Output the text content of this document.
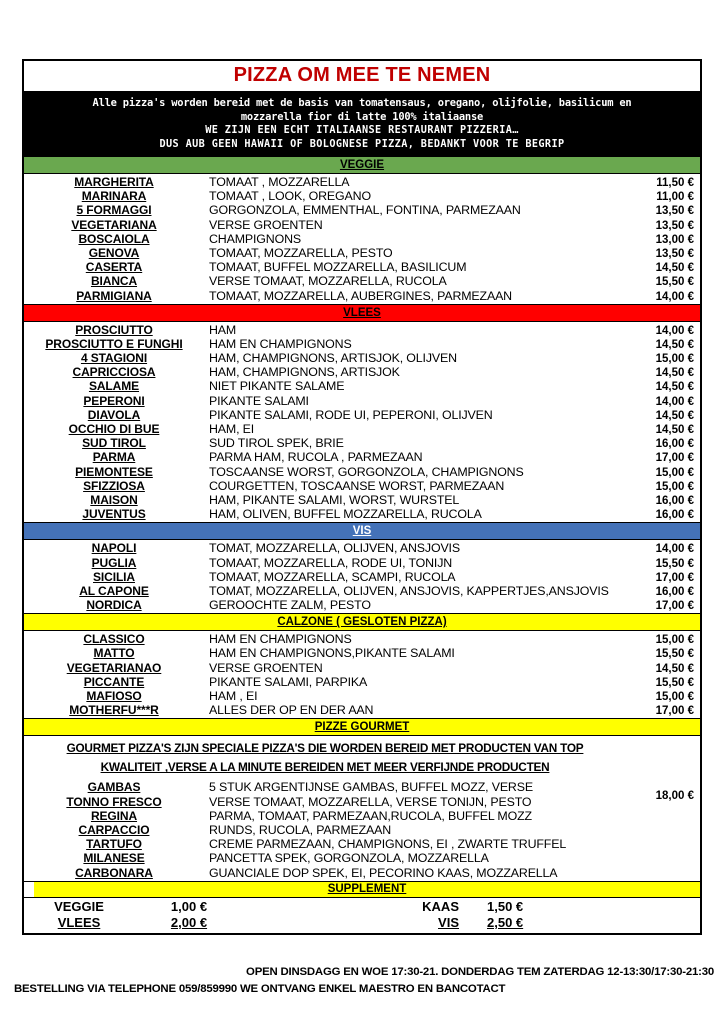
PIZZA OM MEE TE NEMEN
Alle pizza's worden bereid met de basis van tomatensaus, oregano, olijfolie, basilicum en
mozzarella fior di latte 100% italiaanse
WE ZIJN EEN ECHT ITALIAANSE RESTAURANT PIZZERIA…
DUS AUB GEEN HAWAII OF BOLOGNESE PIZZA, BEDANKT VOOR TE BEGRIP
VEGGIE
MARGHERITA	TOMAAT , MOZZARELLA	11,50 €
MARINARA	TOMAAT , LOOK, OREGANO	11,00 €
5 FORMAGGI	GORGONZOLA, EMMENTHAL, FONTINA, PARMEZAAN	13,50 €
VEGETARIANA	VERSE GROENTEN	13,50 €
BOSCAIOLA	CHAMPIGNONS	13,00 €
GENOVA	TOMAAT, MOZZARELLA, PESTO	13,50 €
CASERTA	TOMAAT, BUFFEL MOZZARELLA, BASILICUM	14,50 €
BIANCA	VERSE TOMAAT, MOZZARELLA, RUCOLA	15,50 €
PARMIGIANA	TOMAAT, MOZZARELLA, AUBERGINES, PARMEZAAN	14,00 €
VLEES
PROSCIUTTO	HAM	14,00 €
PROSCIUTTO E FUNGHI	HAM EN CHAMPIGNONS	14,50 €
4 STAGIONI	HAM, CHAMPIGNONS, ARTISJOK, OLIJVEN	15,00 €
CAPRICCIOSA	HAM, CHAMPIGNONS, ARTISJOK	14,50 €
SALAME	NIET PIKANTE SALAME	14,50 €
PEPERONI	PIKANTE SALAMI	14,00 €
DIAVOLA	PIKANTE SALAMI, RODE UI, PEPERONI, OLIJVEN	14,50 €
OCCHIO DI BUE	HAM, EI	14,50 €
SUD TIROL	SUD TIROL SPEK, BRIE	16,00 €
PARMA	PARMA HAM, RUCOLA , PARMEZAAN	17,00 €
PIEMONTESE	TOSCAANSE WORST, GORGONZOLA, CHAMPIGNONS	15,00 €
SFIZZIOSA	COURGETTEN, TOSCAANSE WORST, PARMEZAAN	15,00 €
MAISON	HAM, PIKANTE SALAMI, WORST, WURSTEL	16,00 €
JUVENTUS	HAM, OLIVEN, BUFFEL MOZZARELLA, RUCOLA	16,00 €
VIS
NAPOLI	TOMAT, MOZZARELLA, OLIJVEN, ANSJOVIS	14,00 €
PUGLIA	TOMAAT, MOZZARELLA, RODE UI, TONIJN	15,50 €
SICILIA	TOMAAT, MOZZARELLA, SCAMPI, RUCOLA	17,00 €
AL CAPONE	TOMAT, MOZZARELLA, OLIJVEN, ANSJOVIS, KAPPERTJES,ANSJOVIS	16,00 €
NORDICA	GEROOCHTE ZALM, PESTO	17,00 €
CALZONE ( GESLOTEN PIZZA)
CLASSICO	HAM EN CHAMPIGNONS	15,00 €
MATTO	HAM EN CHAMPIGNONS,PIKANTE SALAMI	15,50 €
VEGETARIANAO	VERSE GROENTEN	14,50 €
PICCANTE	PIKANTE SALAMI, PARPIKA	15,50 €
MAFIOSO	HAM , EI	15,00 €
MOTHERFU***R	ALLES DER OP EN DER AAN	17,00 €
PIZZE GOURMET
GOURMET PIZZA'S ZIJN SPECIALE PIZZA'S DIE WORDEN BEREID MET PRODUCTEN VAN TOP
KWALITEIT ,VERSE A LA MINUTE BEREIDEN MET MEER VERFIJNDE PRODUCTEN
GAMBAS	5 STUK ARGENTIJNSE GAMBAS, BUFFEL MOZZ, VERSE
TONNO FRESCO	VERSE TOMAAT, MOZZARELLA, VERSE TONIJN, PESTO
REGINA	PARMA, TOMAAT, PARMEZAAN,RUCOLA, BUFFEL MOZZ
CARPACCIO	RUNDS, RUCOLA, PARMEZAAN
TARTUFO	CREME PARMEZAAN, CHAMPIGNONS, EI , ZWARTE TRUFFEL
MILANESE	PANCETTA SPEK, GORGONZOLA, MOZZARELLA
CARBONARA	GUANCIALE DOP SPEK, EI, PECORINO KAAS, MOZZARELLA
18,00 €
SUPPLEMENT
VEGGIE	1,00 €	KAAS	1,50 €
VLEES	2,00 €	VIS	2,50 €
OPEN DINSDAGG EN WOE 17:30-21. DONDERDAG TEM ZATERDAG 12-13:30/17:30-21:30
BESTELLING VIA TELEPHONE 059/859990 WE ONTVANG ENKEL MAESTRO EN BANCOTACT
